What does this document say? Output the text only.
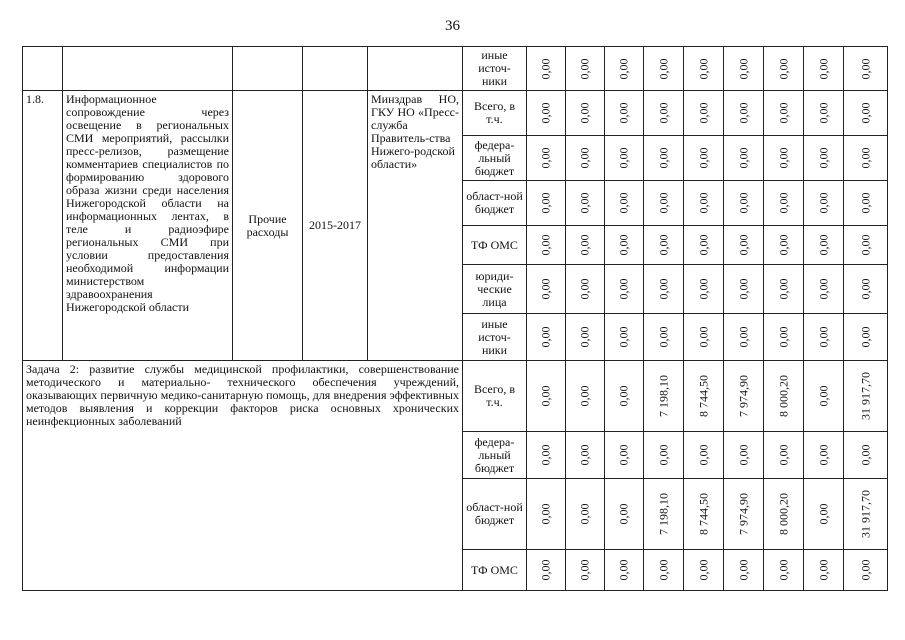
36
					иные источ-ники	0,00	0,00	0,00	0,00	0,00	0,00	0,00	0,00	0,00

1.8.	Информационное сопровождение через освещение в региональных СМИ мероприятий, рассылки пресс-релизов, размещение комментариев специалистов по формированию здорового образа жизни среди населения Нижегородской области на информационных лентах, в теле и радиоэфире региональных СМИ при условии предоставления необходимой информации министерством здравоохранения Нижегородской области	Прочие расходы	2015-2017	Минздрав НО, ГКУ НО «Пресс-служба Правитель-ства Нижего-родской области»	Всего, в т.ч.	0,00	0,00	0,00	0,00	0,00	0,00	0,00	0,00	0,00

					федера-льный бюджет	0,00	0,00	0,00	0,00	0,00	0,00	0,00	0,00	0,00

					област-ной бюджет	0,00	0,00	0,00	0,00	0,00	0,00	0,00	0,00	0,00

					ТФ ОМС	0,00	0,00	0,00	0,00	0,00	0,00	0,00	0,00	0,00

					юриди-ческие лица	0,00	0,00	0,00	0,00	0,00	0,00	0,00	0,00	0,00

					иные источ-ники	0,00	0,00	0,00	0,00	0,00	0,00	0,00	0,00	0,00

Задача 2: развитие службы медицинской профилактики, совершенствование методического и материально- технического обеспечения учреждений, оказывающих первичную медико-санитарную помощь, для внедрения эффективных методов выявления и коррекции факторов риска основных хронических неинфекционных заболеваний					Всего, в т.ч.	0,00	0,00	0,00	7 198,10	8 744,50	7 974,90	8 000,20	0,00	31 917,70

					федера-льный бюджет	0,00	0,00	0,00	0,00	0,00	0,00	0,00	0,00	0,00

					област-ной бюджет	0,00	0,00	0,00	7 198,10	8 744,50	7 974,90	8 000,20	0,00	31 917,70

					ТФ ОМС	0,00	0,00	0,00	0,00	0,00	0,00	0,00	0,00	0,00
